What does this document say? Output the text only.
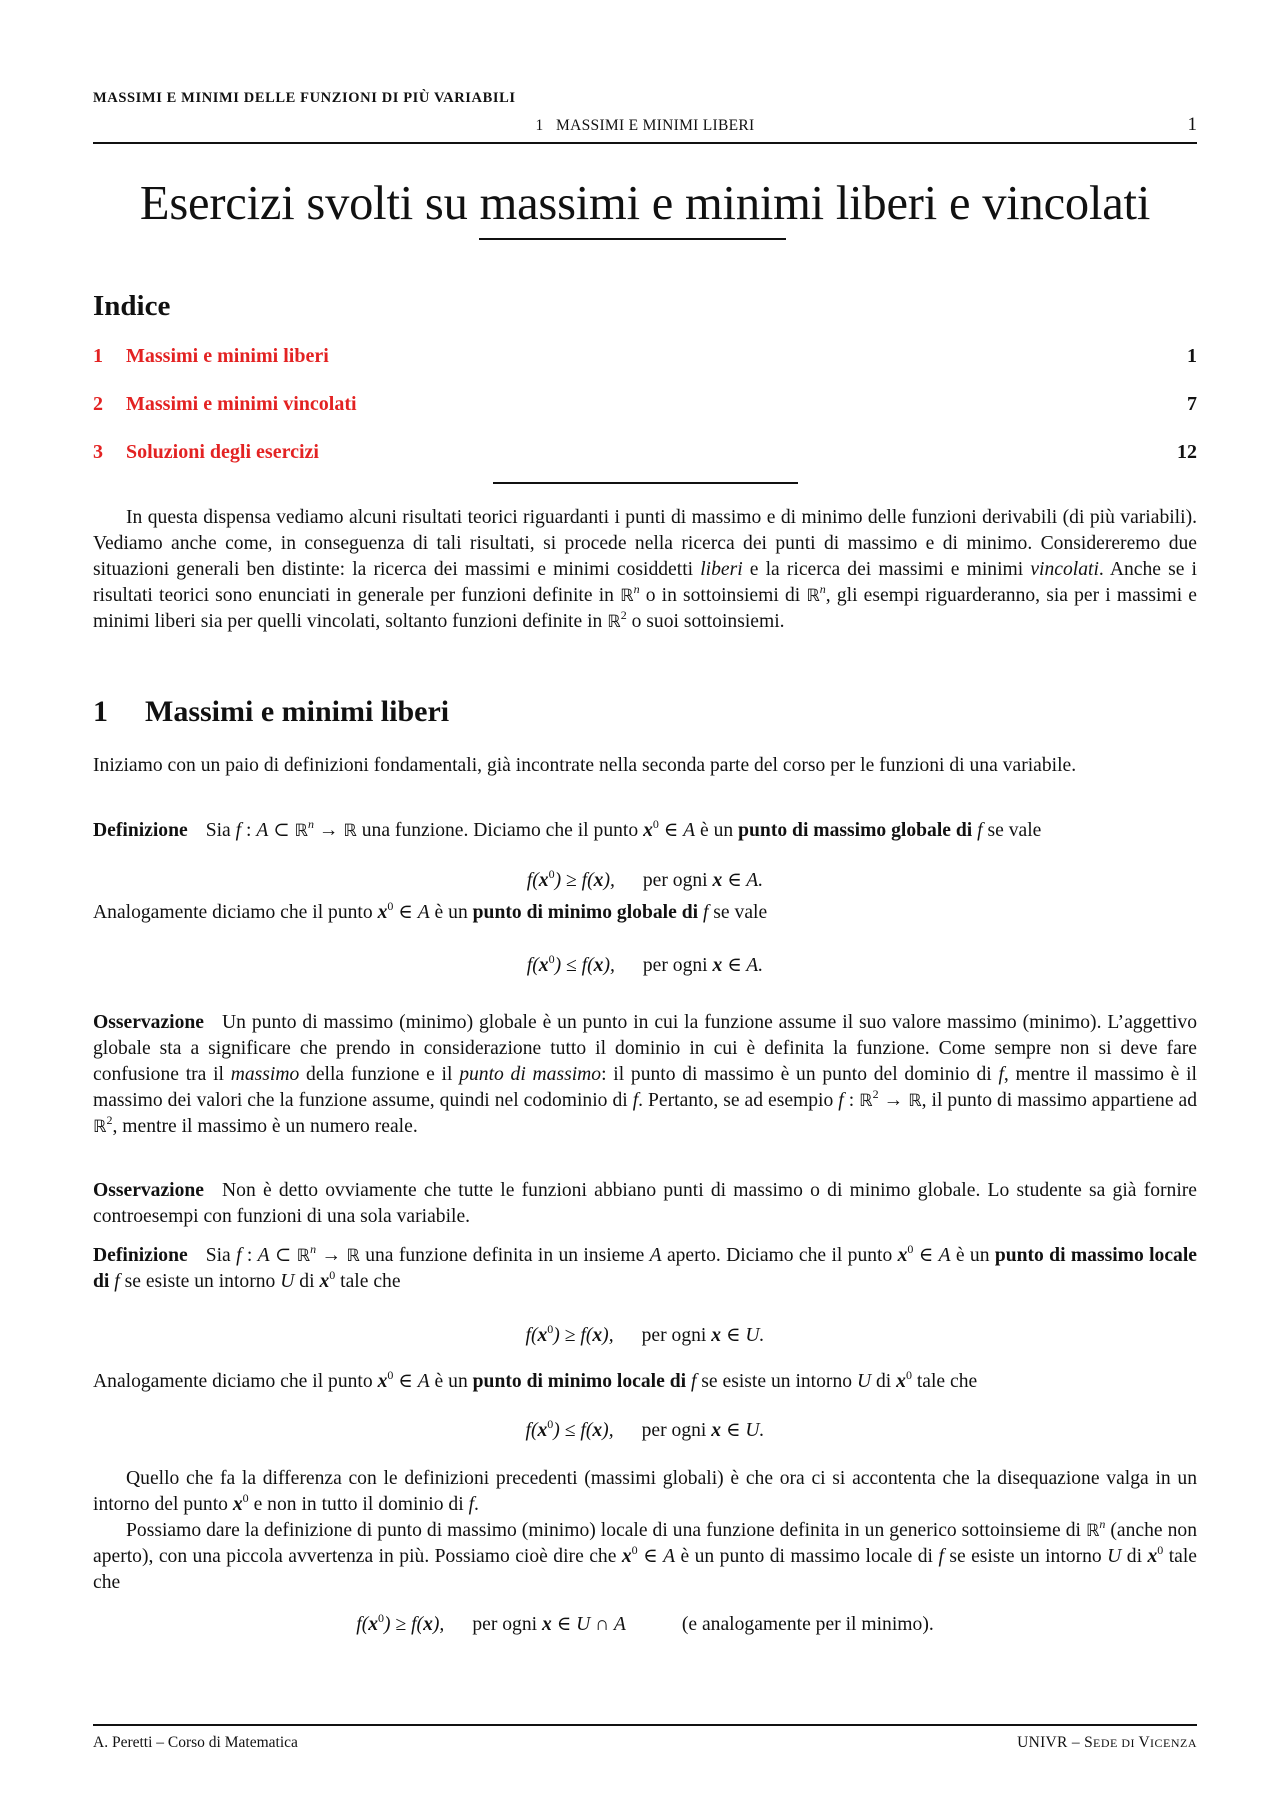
MASSIMI E MINIMI DELLE FUNZIONI DI PIÙ VARIABILI
1   MASSIMI E MINIMI LIBERI	1
Esercizi svolti su massimi e minimi liberi e vincolati
Indice
1 Massimi e minimi liberi	1
2 Massimi e minimi vincolati	7
3 Soluzioni degli esercizi	12

In questa dispensa vediamo alcuni risultati teorici riguardanti i punti di massimo e di minimo delle funzioni derivabili (di più variabili). Vediamo anche come, in conseguenza di tali risultati, si procede nella ricerca dei punti di massimo e di minimo. Considereremo due situazioni generali ben distinte: la ricerca dei massimi e minimi cosiddetti liberi e la ricerca dei massimi e minimi vincolati. Anche se i risultati teorici sono enunciati in generale per funzioni definite in ℝ$^n$ o in sottoinsiemi di ℝ$^n$, gli esempi riguarderanno, sia per i massimi e minimi liberi sia per quelli vincolati, soltanto funzioni definite in ℝ$^2$ o suoi sottoinsiemi.

1 Massimi e minimi liberi

Iniziamo con un paio di definizioni fondamentali, già incontrate nella seconda parte del corso per le funzioni di una variabile.

Definizione Sia f : A ⊂ ℝ$^n$ → ℝ una funzione. Diciamo che il punto $x^0$ ∈ A è un punto di massimo globale di f se vale

$f(x^0) \ge f(x)$, per ogni x ∈ A.

Analogamente diciamo che il punto $x^0$ ∈ A è un punto di minimo globale di f se vale

$f(x^0) \le f(x)$, per ogni x ∈ A.

Osservazione Un punto di massimo (minimo) globale è un punto in cui la funzione assume il suo valore massimo (minimo). L’aggettivo globale sta a significare che prendo in considerazione tutto il dominio in cui è definita la funzione. Come sempre non si deve fare confusione tra il massimo della funzione e il punto di massimo: il punto di massimo è un punto del dominio di f, mentre il massimo è il massimo dei valori che la funzione assume, quindi nel codominio di f. Pertanto, se ad esempio f : ℝ$^2$ → ℝ, il punto di massimo appartiene ad ℝ$^2$, mentre il massimo è un numero reale.

Osservazione Non è detto ovviamente che tutte le funzioni abbiano punti di massimo o di minimo globale. Lo studente sa già fornire controesempi con funzioni di una sola variabile.

Definizione Sia f : A ⊂ ℝ$^n$ → ℝ una funzione definita in un insieme A aperto. Diciamo che il punto $x^0$ ∈ A è un punto di massimo locale di f se esiste un intorno U di $x^0$ tale che

$f(x^0) \ge f(x)$, per ogni x ∈ U.

Analogamente diciamo che il punto $x^0$ ∈ A è un punto di minimo locale di f se esiste un intorno U di $x^0$ tale che

$f(x^0) \le f(x)$, per ogni x ∈ U.

Quello che fa la differenza con le definizioni precedenti (massimi globali) è che ora ci si accontenta che la disequazione valga in un intorno del punto $x^0$ e non in tutto il dominio di f.

Possiamo dare la definizione di punto di massimo (minimo) locale di una funzione definita in un generico sottoinsieme di ℝ$^n$ (anche non aperto), con una piccola avvertenza in più. Possiamo cioè dire che $x^0$ ∈ A è un punto di massimo locale di f se esiste un intorno U di $x^0$ tale che

$f(x^0) \ge f(x)$, per ogni x ∈ U ∩ A	(e analogamente per il minimo).
A. Peretti – Corso di Matematica	UNIVR – SEDE DI VICENZA
